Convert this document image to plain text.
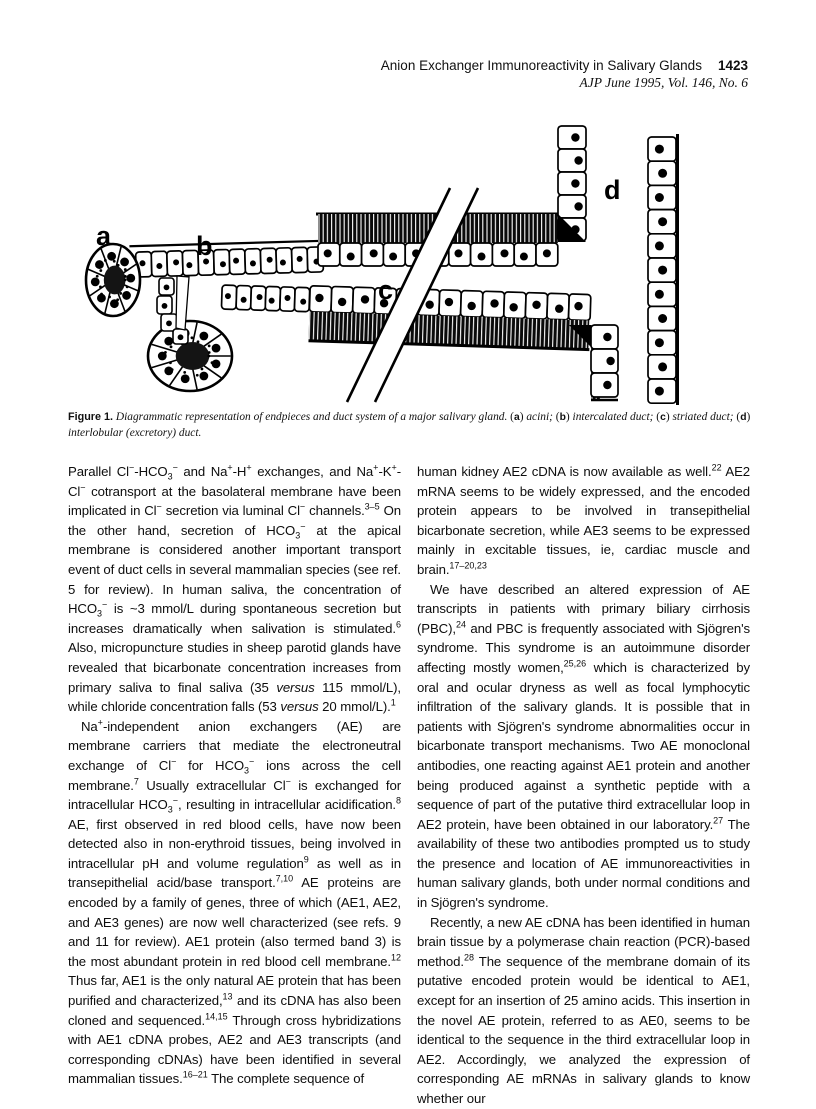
Anion Exchanger Immunoreactivity in Salivary Glands 1423
AJP June 1995, Vol. 146, No. 6
a	b
c
d
Figure 1. Diagrammatic representation of endpieces and duct system of a major salivary gland. (a) acini; (b) intercalated duct; (c) striated duct; (d) interlobular (excretory) duct.

Parallel $Cl^--HCO_3^-$ and Na+-H+ exchanges, and Na+-K+-Cl− cotransport at the basolateral membrane have been implicated in Cl− secretion via luminal Cl− channels.$^{3-5}$ On the other hand, secretion of $HCO_3^-$ at the apical membrane is considered another important transport event of duct cells in several mammalian species (see ref. 5 for review). In human saliva, the concentration of $HCO_3^-$ is ~3 mmol/L during spontaneous secretion but increases dramatically when salivation is stimulated.$^6$ Also, micropuncture studies in sheep parotid glands have revealed that bicarbonate concentration increases from primary saliva to final saliva (35 versus 115 mmol/L), while chloride concentration falls (53 versus 20 mmol/L).$^1$

Na+-independent anion exchangers (AE) are membrane carriers that mediate the electroneutral exchange of Cl− for $HCO_3^-$ ions across the cell membrane.$^7$ Usually extracellular Cl− is exchanged for intracellular $HCO_3^-$, resulting in intracellular acidification.$^8$ AE, first observed in red blood cells, have now been detected also in non-erythroid tissues, being involved in intracellular pH and volume regulation$^9$ as well as in transepithelial acid/base transport.$^{7,10}$ AE proteins are encoded by a family of genes, three of which (AE1, AE2, and AE3 genes) are now well characterized (see refs. 9 and 11 for review). AE1 protein (also termed band 3) is the most abundant protein in red blood cell membrane.$^{12}$ Thus far, AE1 is the only natural AE protein that has been purified and characterized,$^{13}$ and its cDNA has also been cloned and sequenced.$^{14,15}$ Through cross hybridizations with AE1 cDNA probes, AE2 and AE3 transcripts (and corresponding cDNAs) have been identified in several mammalian tissues.$^{16-21}$ The complete sequence of

human kidney AE2 cDNA is now available as well.$^{22}$ AE2 mRNA seems to be widely expressed, and the encoded protein appears to be involved in transepithelial bicarbonate secretion, while AE3 seems to be expressed mainly in excitable tissues, ie, cardiac muscle and brain.$^{17-20,23}$

We have described an altered expression of AE transcripts in patients with primary biliary cirrhosis (PBC),$^{24}$ and PBC is frequently associated with Sjögren's syndrome. This syndrome is an autoimmune disorder affecting mostly women,$^{25,26}$ which is characterized by oral and ocular dryness as well as focal lymphocytic infiltration of the salivary glands. It is possible that in patients with Sjögren's syndrome abnormalities occur in bicarbonate transport mechanisms. Two AE monoclonal antibodies, one reacting against AE1 protein and another being produced against a synthetic peptide with a sequence of part of the putative third extracellular loop in AE2 protein, have been obtained in our laboratory.$^{27}$ The availability of these two antibodies prompted us to study the presence and location of AE immunoreactivities in human salivary glands, both under normal conditions and in Sjögren's syndrome.

Recently, a new AE cDNA has been identified in human brain tissue by a polymerase chain reaction (PCR)-based method.$^{28}$ The sequence of the membrane domain of its putative encoded protein would be identical to AE1, except for an insertion of 25 amino acids. This insertion in the novel AE protein, referred to as AE0, seems to be identical to the sequence in the third extracellular loop in AE2. Accordingly, we analyzed the expression of corresponding AE mRNAs in salivary glands to know whether our
